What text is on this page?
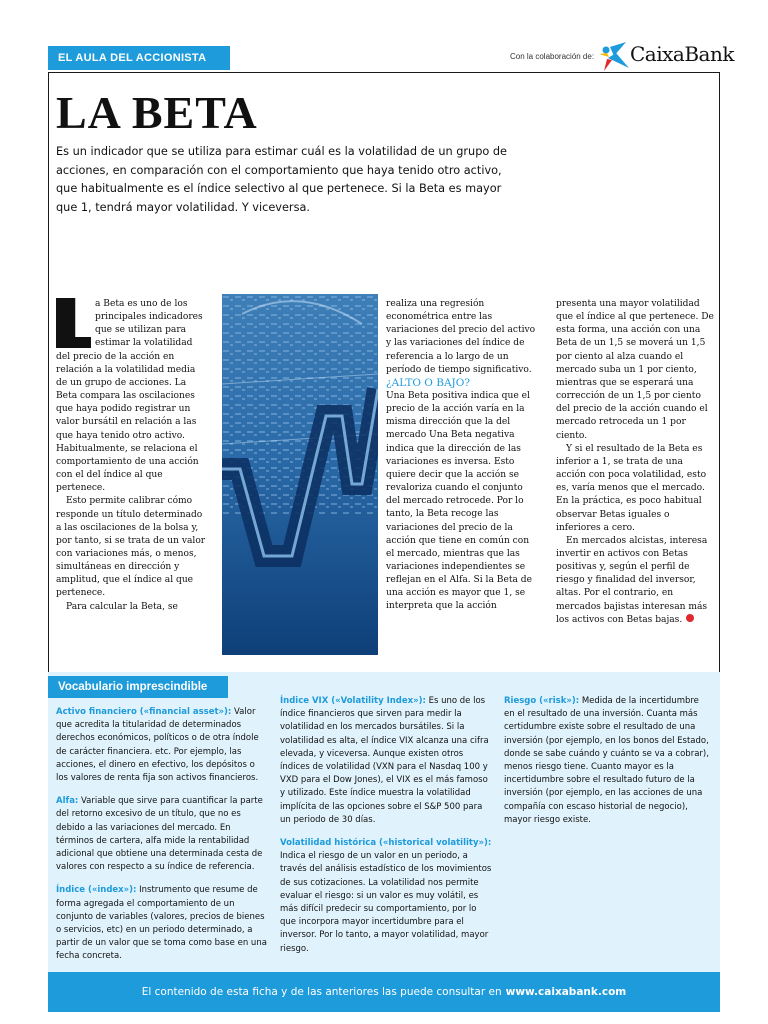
EL AULA DEL ACCIONISTA	Con la colaboración de: CaixaBank
LA BETA

Es un indicador que se utiliza para estimar cuál es la volatilidad de un grupo de acciones, en comparación con el comportamiento que haya tenido otro activo, que habitualmente es el índice selectivo al que pertenece. Si la Beta es mayor que 1, tendrá mayor volatilidad. Y viceversa.

a Beta es uno de los principales indicadores que se utilizan para estimar la volatilidad del precio de la acción en relación a la volatilidad media de un grupo de acciones. La Beta compara las oscilaciones que haya podido registrar un valor bursátil en relación a las que haya tenido otro activo. Habitualmente, se relaciona el comportamiento de una acción con el del índice al que pertenece.

Esto permite calibrar cómo responde un título determinado a las oscilaciones de la bolsa y, por tanto, si se trata de un valor con variaciones más, o menos, simultáneas en dirección y amplitud, que el índice al que pertenece.

Para calcular la Beta, se

realiza una regresión econométrica entre las variaciones del precio del activo y las variaciones del índice de referencia a lo largo de un período de tiempo significativo.

¿ALTO O BAJO?

Una Beta positiva indica que el precio de la acción varía en la misma dirección que la del mercado Una Beta negativa indica que la dirección de las variaciones es inversa. Esto quiere decir que la acción se revaloriza cuando el conjunto del mercado retrocede. Por lo tanto, la Beta recoge las variaciones del precio de la acción que tiene en común con el mercado, mientras que las variaciones independientes se reflejan en el Alfa. Si la Beta de una acción es mayor que 1, se interpreta que la acción

presenta una mayor volatilidad que el índice al que pertenece. De esta forma, una acción con una Beta de un 1,5 se moverá un 1,5 por ciento al alza cuando el mercado suba un 1 por ciento, mientras que se esperará una corrección de un 1,5 por ciento del precio de la acción cuando el mercado retroceda un 1 por ciento.

Y si el resultado de la Beta es inferior a 1, se trata de una acción con poca volatilidad, esto es, varía menos que el mercado. En la práctica, es poco habitual observar Betas iguales o inferiores a cero.

En mercados alcistas, interesa invertir en activos con Betas positivas y, según el perfil de riesgo y finalidad del inversor, altas. Por el contrario, en mercados bajistas interesan más los activos con Betas bajas.

Vocabulario imprescindible

Activo financiero («financial asset»): Valor que acredita la titularidad de determinados derechos económicos, políticos o de otra índole de carácter financiera. etc. Por ejemplo, las acciones, el dinero en efectivo, los depósitos o los valores de renta fija son activos financieros.

Alfa: Variable que sirve para cuantificar la parte del retorno excesivo de un título, que no es debido a las variaciones del mercado. En términos de cartera, alfa mide la rentabilidad adicional que obtiene una determinada cesta de valores con respecto a su índice de referencia.

Índice («index»): Instrumento que resume de forma agregada el comportamiento de un conjunto de variables (valores, precios de bienes o servicios, etc) en un periodo determinado, a partir de un valor que se toma como base en una fecha concreta.

Índice VIX («Volatility Index»): Es uno de los índice financieros que sirven para medir la volatilidad en los mercados bursátiles. Si la volatilidad es alta, el índice VIX alcanza una cifra elevada, y viceversa. Aunque existen otros índices de volatilidad (VXN para el Nasdaq 100 y VXD para el Dow Jones), el VIX es el más famoso y utilizado. Este índice muestra la volatilidad implícita de las opciones sobre el S&P 500 para un periodo de 30 días.

Volatilidad histórica («historical volatility»): Indica el riesgo de un valor en un periodo, a través del análisis estadístico de los movimientos de sus cotizaciones. La volatilidad nos permite evaluar el riesgo: si un valor es muy volátil, es más difícil predecir su comportamiento, por lo que incorpora mayor incertidumbre para el inversor. Por lo tanto, a mayor volatilidad, mayor riesgo.

Riesgo («risk»): Medida de la incertidumbre en el resultado de una inversión. Cuanta más certidumbre existe sobre el resultado de una inversión (por ejemplo, en los bonos del Estado, donde se sabe cuándo y cuánto se va a cobrar), menos riesgo tiene. Cuanto mayor es la incertidumbre sobre el resultado futuro de la inversión (por ejemplo, en las acciones de una compañía con escaso historial de negocio), mayor riesgo existe.

El contenido de esta ficha y de las anteriores las puede consultar en www.caixabank.com
